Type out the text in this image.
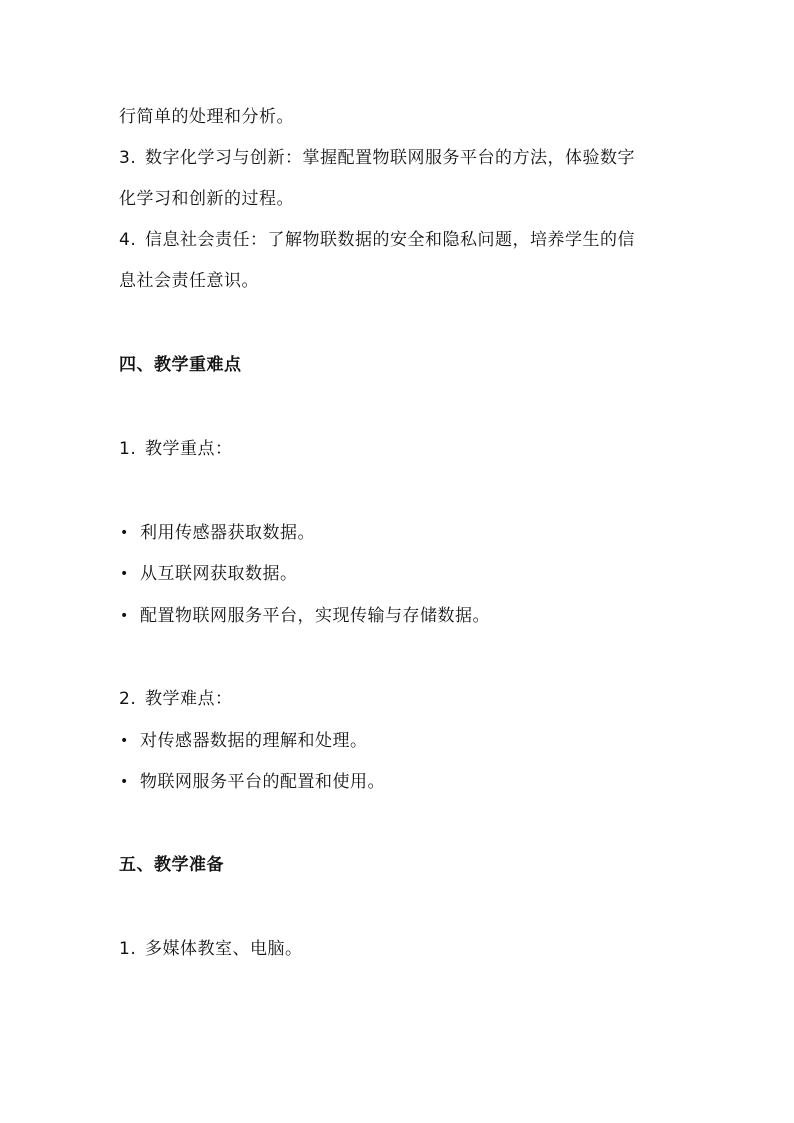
行简单的处理和分析。
3. 数字化学习与创新：掌握配置物联网服务平台的方法，体验数字
化学习和创新的过程。
4. 信息社会责任：了解物联数据的安全和隐私问题，培养学生的信
息社会责任意识。
四、教学重难点
1. 教学重点：
• 利用传感器获取数据。
• 从互联网获取数据。
• 配置物联网服务平台，实现传输与存储数据。
2. 教学难点：
• 对传感器数据的理解和处理。
• 物联网服务平台的配置和使用。
五、教学准备
1. 多媒体教室、电脑。
